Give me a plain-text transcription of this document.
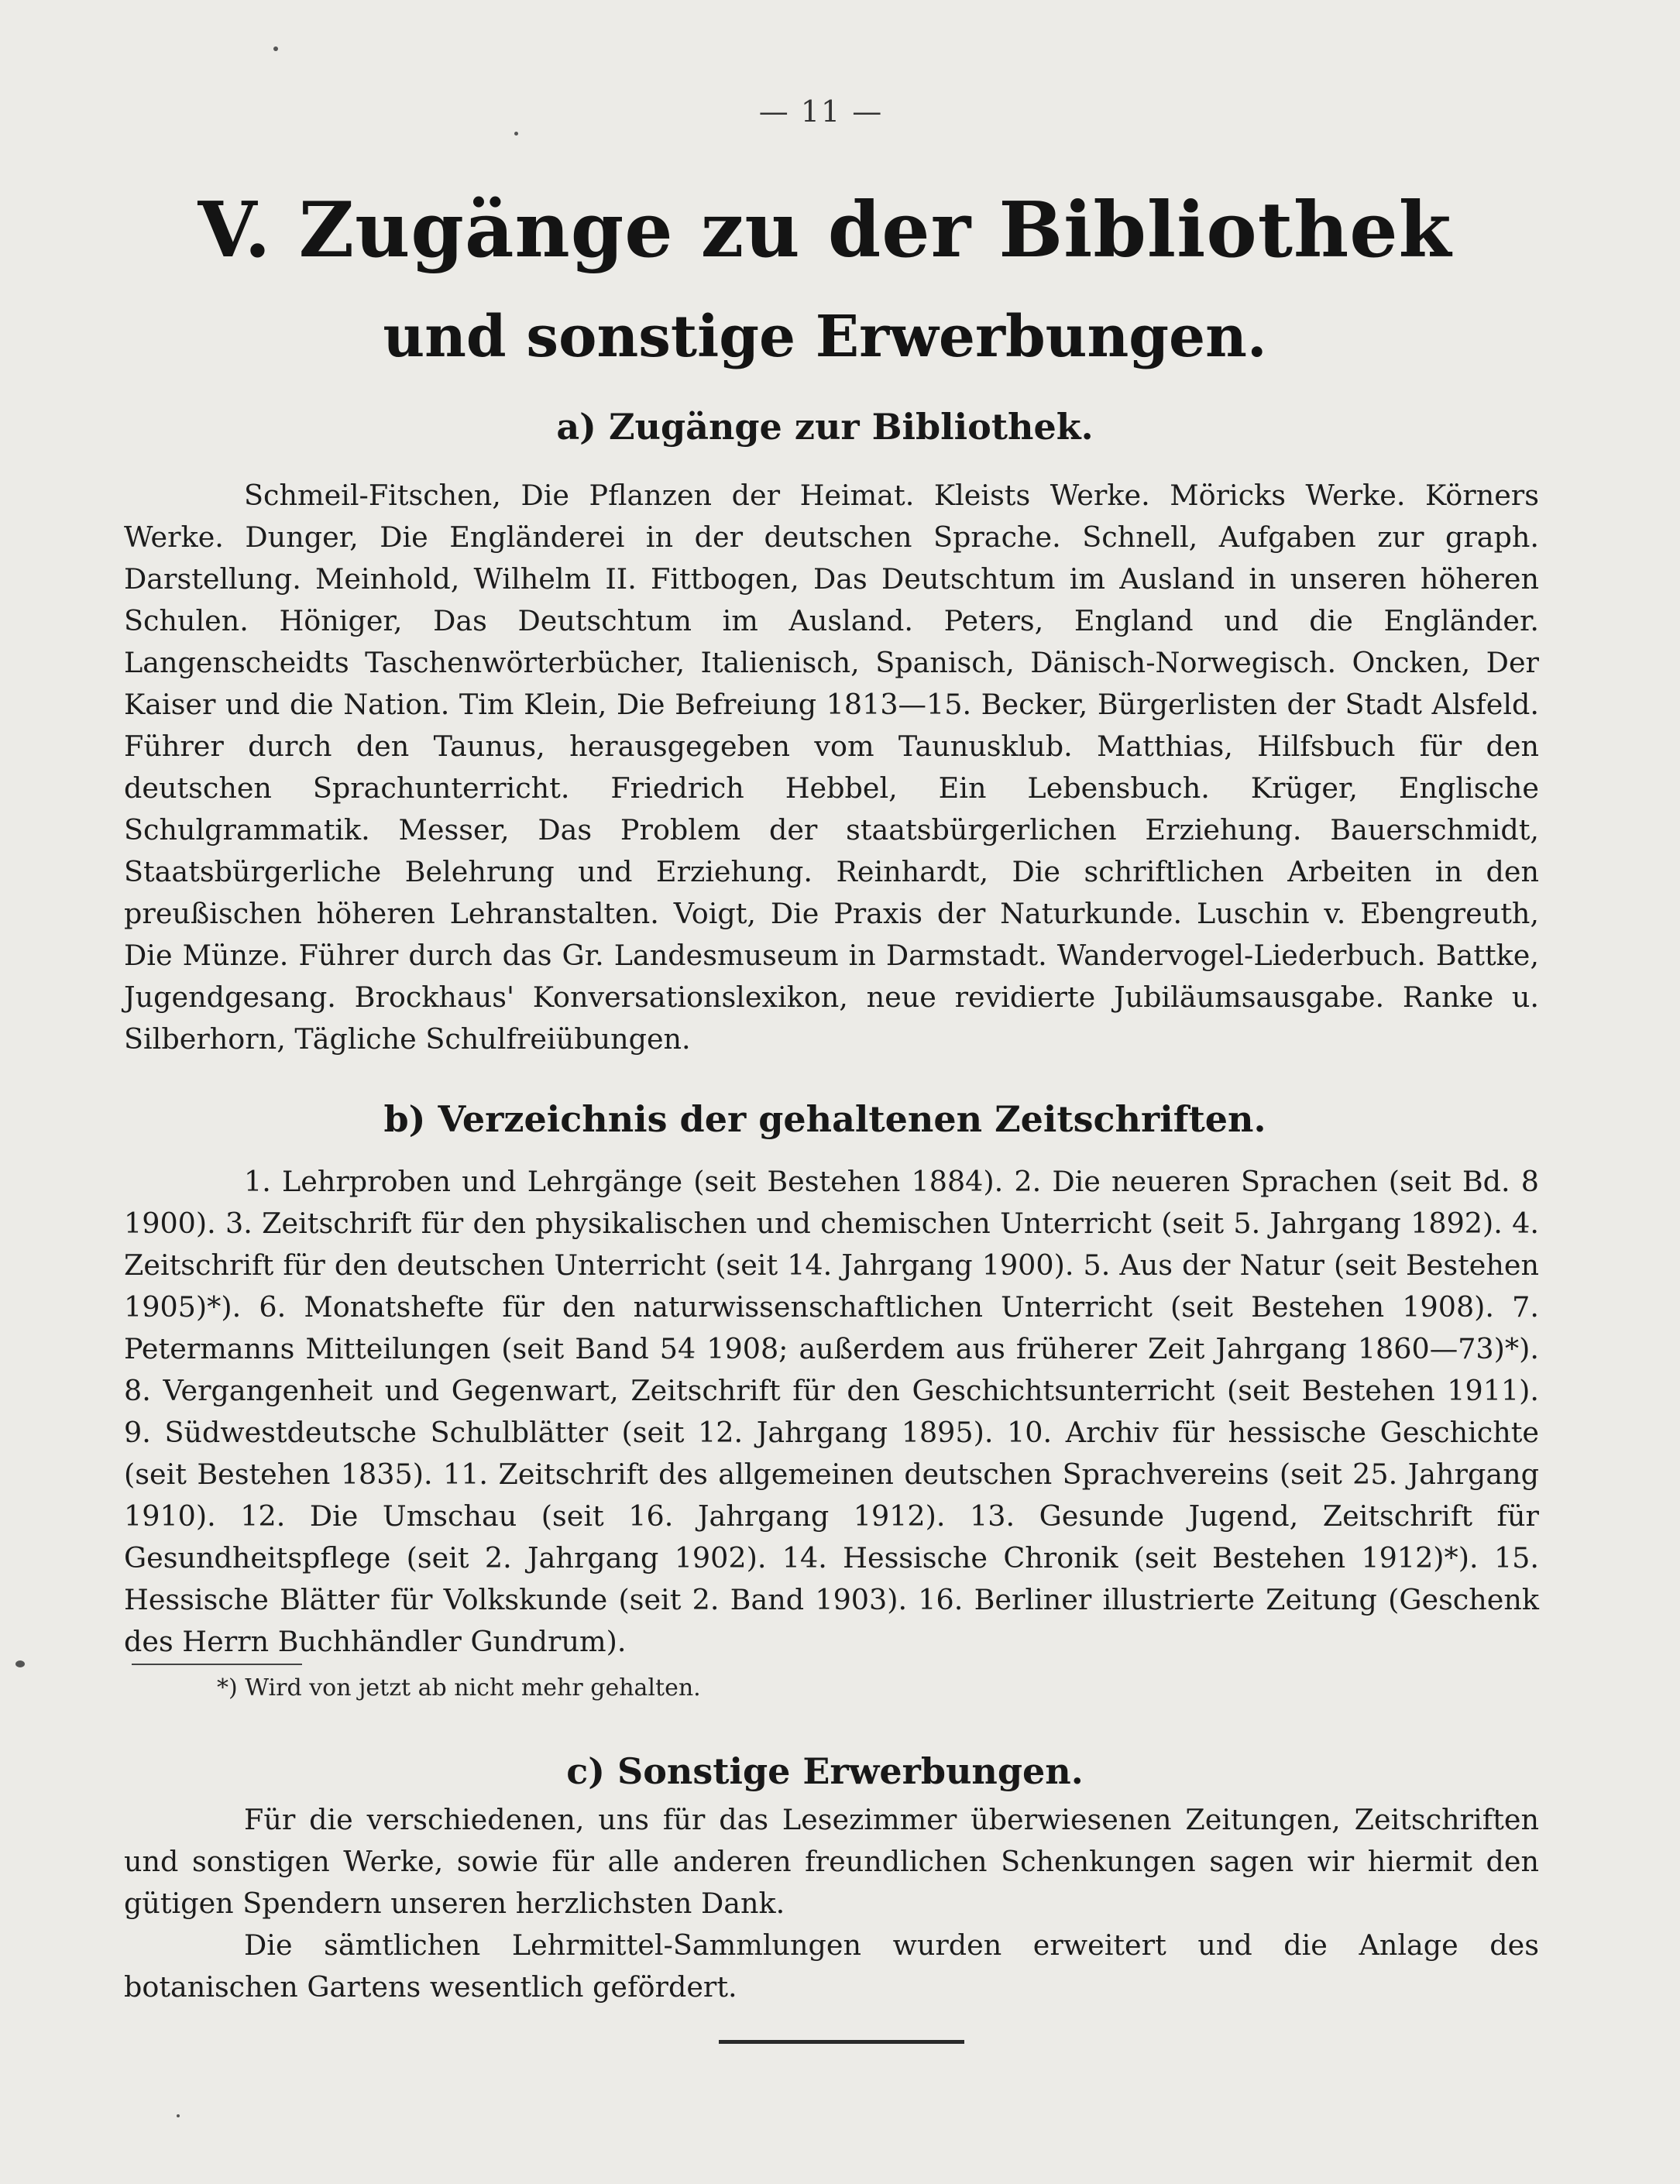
— 11 —
V. Zugänge zu der Bibliothek
und sonstige Erwerbungen.
a) Zugänge zur Bibliothek.
Schmeil-Fitschen, Die Pflanzen der Heimat. Kleists Werke. Möricks Werke. Körners Werke. Dunger, Die Engländerei in der deutschen Sprache. Schnell, Aufgaben zur graph. Darstellung. Meinhold, Wilhelm II. Fittbogen, Das Deutschtum im Ausland in unseren höheren Schulen. Höniger, Das Deutschtum im Ausland. Peters, England und die Engländer. Langenscheidts Taschenwörterbücher, Italienisch, Spanisch, Dänisch-Norwegisch. Oncken, Der Kaiser und die Nation. Tim Klein, Die Befreiung 1813—15. Becker, Bürgerlisten der Stadt Alsfeld. Führer durch den Taunus, herausgegeben vom Taunusklub. Matthias, Hilfsbuch für den deutschen Sprachunterricht. Friedrich Hebbel, Ein Lebensbuch. Krüger, Englische Schulgrammatik. Messer, Das Problem der staatsbürgerlichen Erziehung. Bauerschmidt, Staatsbürgerliche Belehrung und Erziehung. Reinhardt, Die schriftlichen Arbeiten in den preußischen höheren Lehranstalten. Voigt, Die Praxis der Naturkunde. Luschin v. Ebengreuth, Die Münze. Führer durch das Gr. Landesmuseum in Darmstadt. Wandervogel-Liederbuch. Battke, Jugendgesang. Brockhaus' Konversationslexikon, neue revidierte Jubiläumsausgabe. Ranke u. Silberhorn, Tägliche Schulfreiübungen.
b) Verzeichnis der gehaltenen Zeitschriften.
1. Lehrproben und Lehrgänge (seit Bestehen 1884). 2. Die neueren Sprachen (seit Bd. 8 1900). 3. Zeitschrift für den physikalischen und chemischen Unterricht (seit 5. Jahrgang 1892). 4. Zeitschrift für den deutschen Unterricht (seit 14. Jahrgang 1900). 5. Aus der Natur (seit Bestehen 1905)*). 6. Monatshefte für den naturwissenschaftlichen Unterricht (seit Bestehen 1908). 7. Petermanns Mitteilungen (seit Band 54 1908; außerdem aus früherer Zeit Jahrgang 1860—73)*). 8. Vergangenheit und Gegenwart, Zeitschrift für den Geschichtsunterricht (seit Bestehen 1911). 9. Südwestdeutsche Schulblätter (seit 12. Jahrgang 1895). 10. Archiv für hessische Geschichte (seit Bestehen 1835). 11. Zeitschrift des allgemeinen deutschen Sprachvereins (seit 25. Jahrgang 1910). 12. Die Umschau (seit 16. Jahrgang 1912). 13. Gesunde Jugend, Zeitschrift für Gesundheitspflege (seit 2. Jahrgang 1902). 14. Hessische Chronik (seit Bestehen 1912)*). 15. Hessische Blätter für Volkskunde (seit 2. Band 1903). 16. Berliner illustrierte Zeitung (Geschenk des Herrn Buchhändler Gundrum).
*) Wird von jetzt ab nicht mehr gehalten.
c) Sonstige Erwerbungen.
Für die verschiedenen, uns für das Lesezimmer überwiesenen Zeitungen, Zeitschriften und sonstigen Werke, sowie für alle anderen freundlichen Schenkungen sagen wir hiermit den gütigen Spendern unseren herzlichsten Dank.
Die sämtlichen Lehrmittel-Sammlungen wurden erweitert und die Anlage des botanischen Gartens wesentlich gefördert.
